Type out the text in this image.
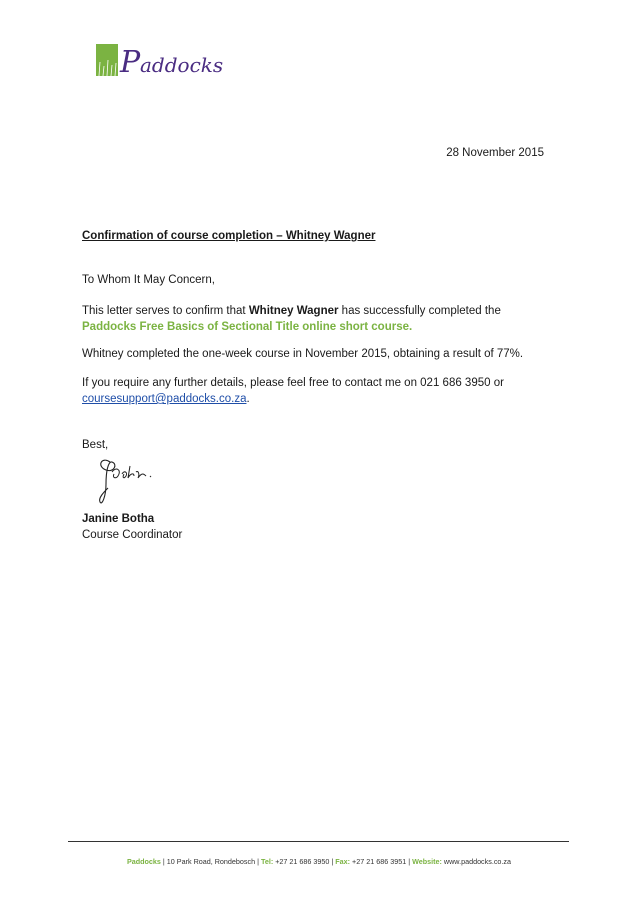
P addocks
28 November 2015
Confirmation of course completion – Whitney Wagner
To Whom It May Concern,
This letter serves to confirm that Whitney Wagner has successfully completed the Paddocks Free Basics of Sectional Title online short course.
Whitney completed the one-week course in November 2015, obtaining a result of 77%.
If you require any further details, please feel free to contact me on 021 686 3950 or coursesupport@paddocks.co.za.
Best,
Janine Botha
Course Coordinator
Paddocks | 10 Park Road, Rondebosch | Tel: +27 21 686 3950 | Fax: +27 21 686 3951 | Website: www.paddocks.co.za
